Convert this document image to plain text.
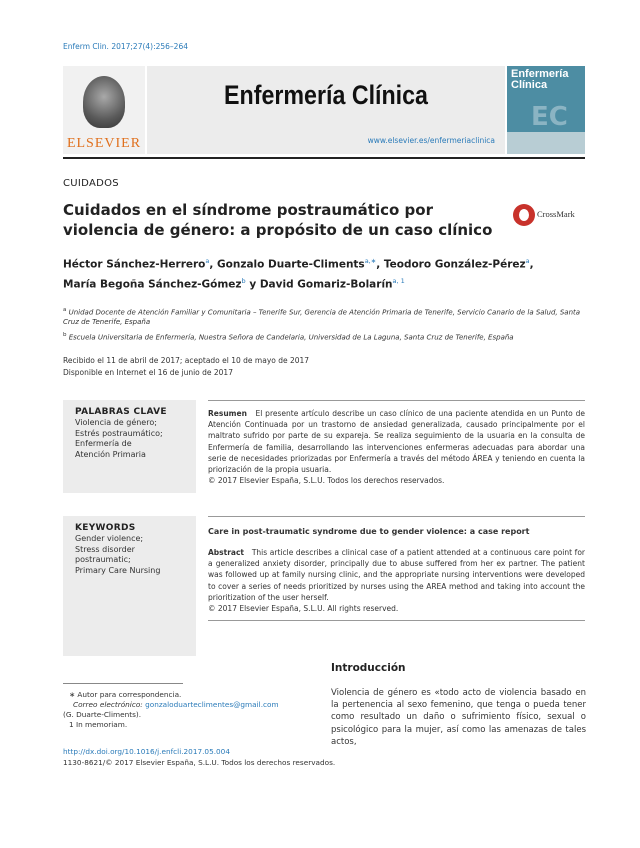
Enferm Clin. 2017;27(4):256–264
ELSEVIER
Enfermería Clínica
www.elsevier.es/enfermeriaclinica
Enfermería
Clínica
EC
CUIDADOS
Cuidados en el síndrome postraumático por violencia de género: a propósito de un caso clínico
CrossMark
Héctor Sánchez-Herrero$^a$, Gonzalo Duarte-Climents$^{a,∗}$, Teodoro González-Pérez$^a$,
María Begoña Sánchez-Gómez$^b$ y David Gomariz-Bolarín$^{a, 1}$
$^a$ Unidad Docente de Atención Familiar y Comunitaria – Tenerife Sur, Gerencia de Atención Primaria de Tenerife, Servicio Canario de la Salud, Santa Cruz de Tenerife, España
$^b$ Escuela Universitaria de Enfermería, Nuestra Señora de Candelaria, Universidad de La Laguna, Santa Cruz de Tenerife, España
Recibido el 11 de abril de 2017; aceptado el 10 de mayo de 2017
Disponible en Internet el 16 de junio de 2017
PALABRAS CLAVE
Violencia de género;
Estrés postraumático;
Enfermería de
Atención Primaria
Resumen El presente artículo describe un caso clínico de una paciente atendida en un Punto de Atención Continuada por un trastorno de ansiedad generalizada, causado principalmente por el maltrato sufrido por parte de su expareja. Se realiza seguimiento de la usuaria en la consulta de Enfermería de familia, desarrollando las intervenciones enfermeras adecuadas para abordar una serie de necesidades priorizadas por Enfermería a través del método ÁREA y teniendo en cuenta la priorización de la propia usuaria.
© 2017 Elsevier España, S.L.U. Todos los derechos reservados.
KEYWORDS
Gender violence;
Stress disorder
postraumatic;
Primary Care Nursing
Care in post-traumatic syndrome due to gender violence: a case report
Abstract This article describes a clinical case of a patient attended at a continuous care point for a generalized anxiety disorder, principally due to abuse suffered from her ex partner. The patient was followed up at family nursing clinic, and the appropriate nursing interventions were developed to cover a series of needs prioritized by nurses using the AREA method and taking into account the prioritization of the user herself.
© 2017 Elsevier España, S.L.U. All rights reserved.
Introducción
Violencia de género es «todo acto de violencia basado en la pertenencia al sexo femenino, que tenga o pueda tener como resultado un daño o sufrimiento físico, sexual o psicológico para la mujer, así como las amenazas de tales actos,
∗ Autor para correspondencia.
Correo electrónico: gonzaloduarteclimentes@gmail.com
(G. Duarte-Climents).
1 In memoriam.
http://dx.doi.org/10.1016/j.enfcli.2017.05.004
1130-8621/© 2017 Elsevier España, S.L.U. Todos los derechos reservados.
